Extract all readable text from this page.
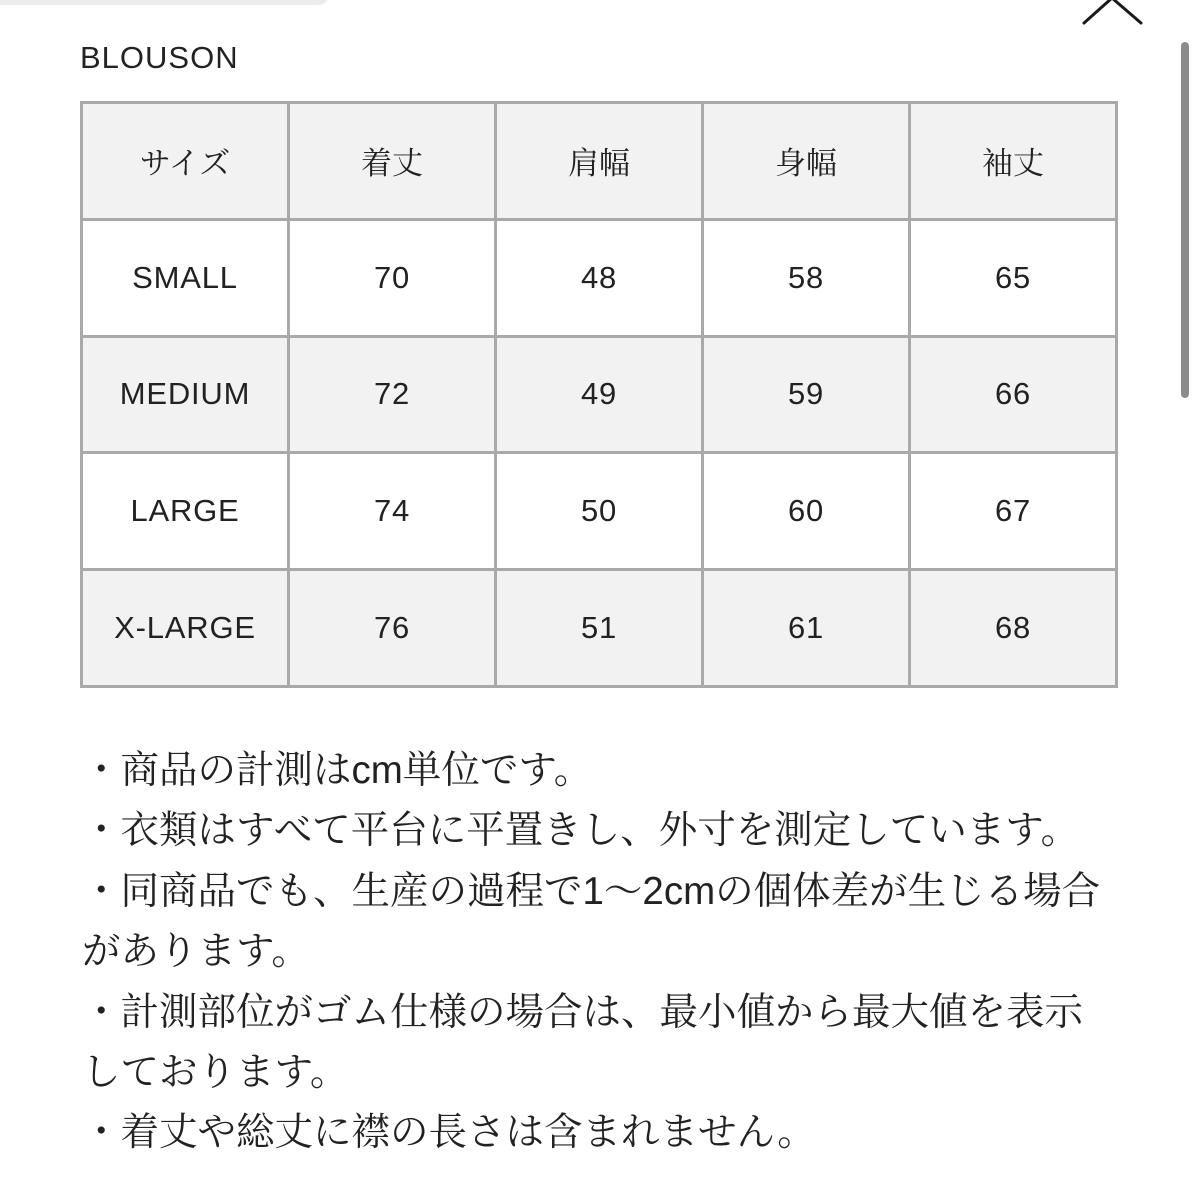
BLOUSON
サイズ	着丈	肩幅	身幅	袖丈
SMALL	70	48	58	65
MEDIUM	72	49	59	66
LARGE	74	50	60	67
X-LARGE	76	51	61	68
・商品の計測はcm単位です。
・衣類はすべて平台に平置きし、外寸を測定しています。
・同商品でも、生産の過程で1〜2cmの個体差が生じる場合
があります。
・計測部位がゴム仕様の場合は、最小値から最大値を表示
しております。
・着丈や総丈に襟の長さは含まれません。
